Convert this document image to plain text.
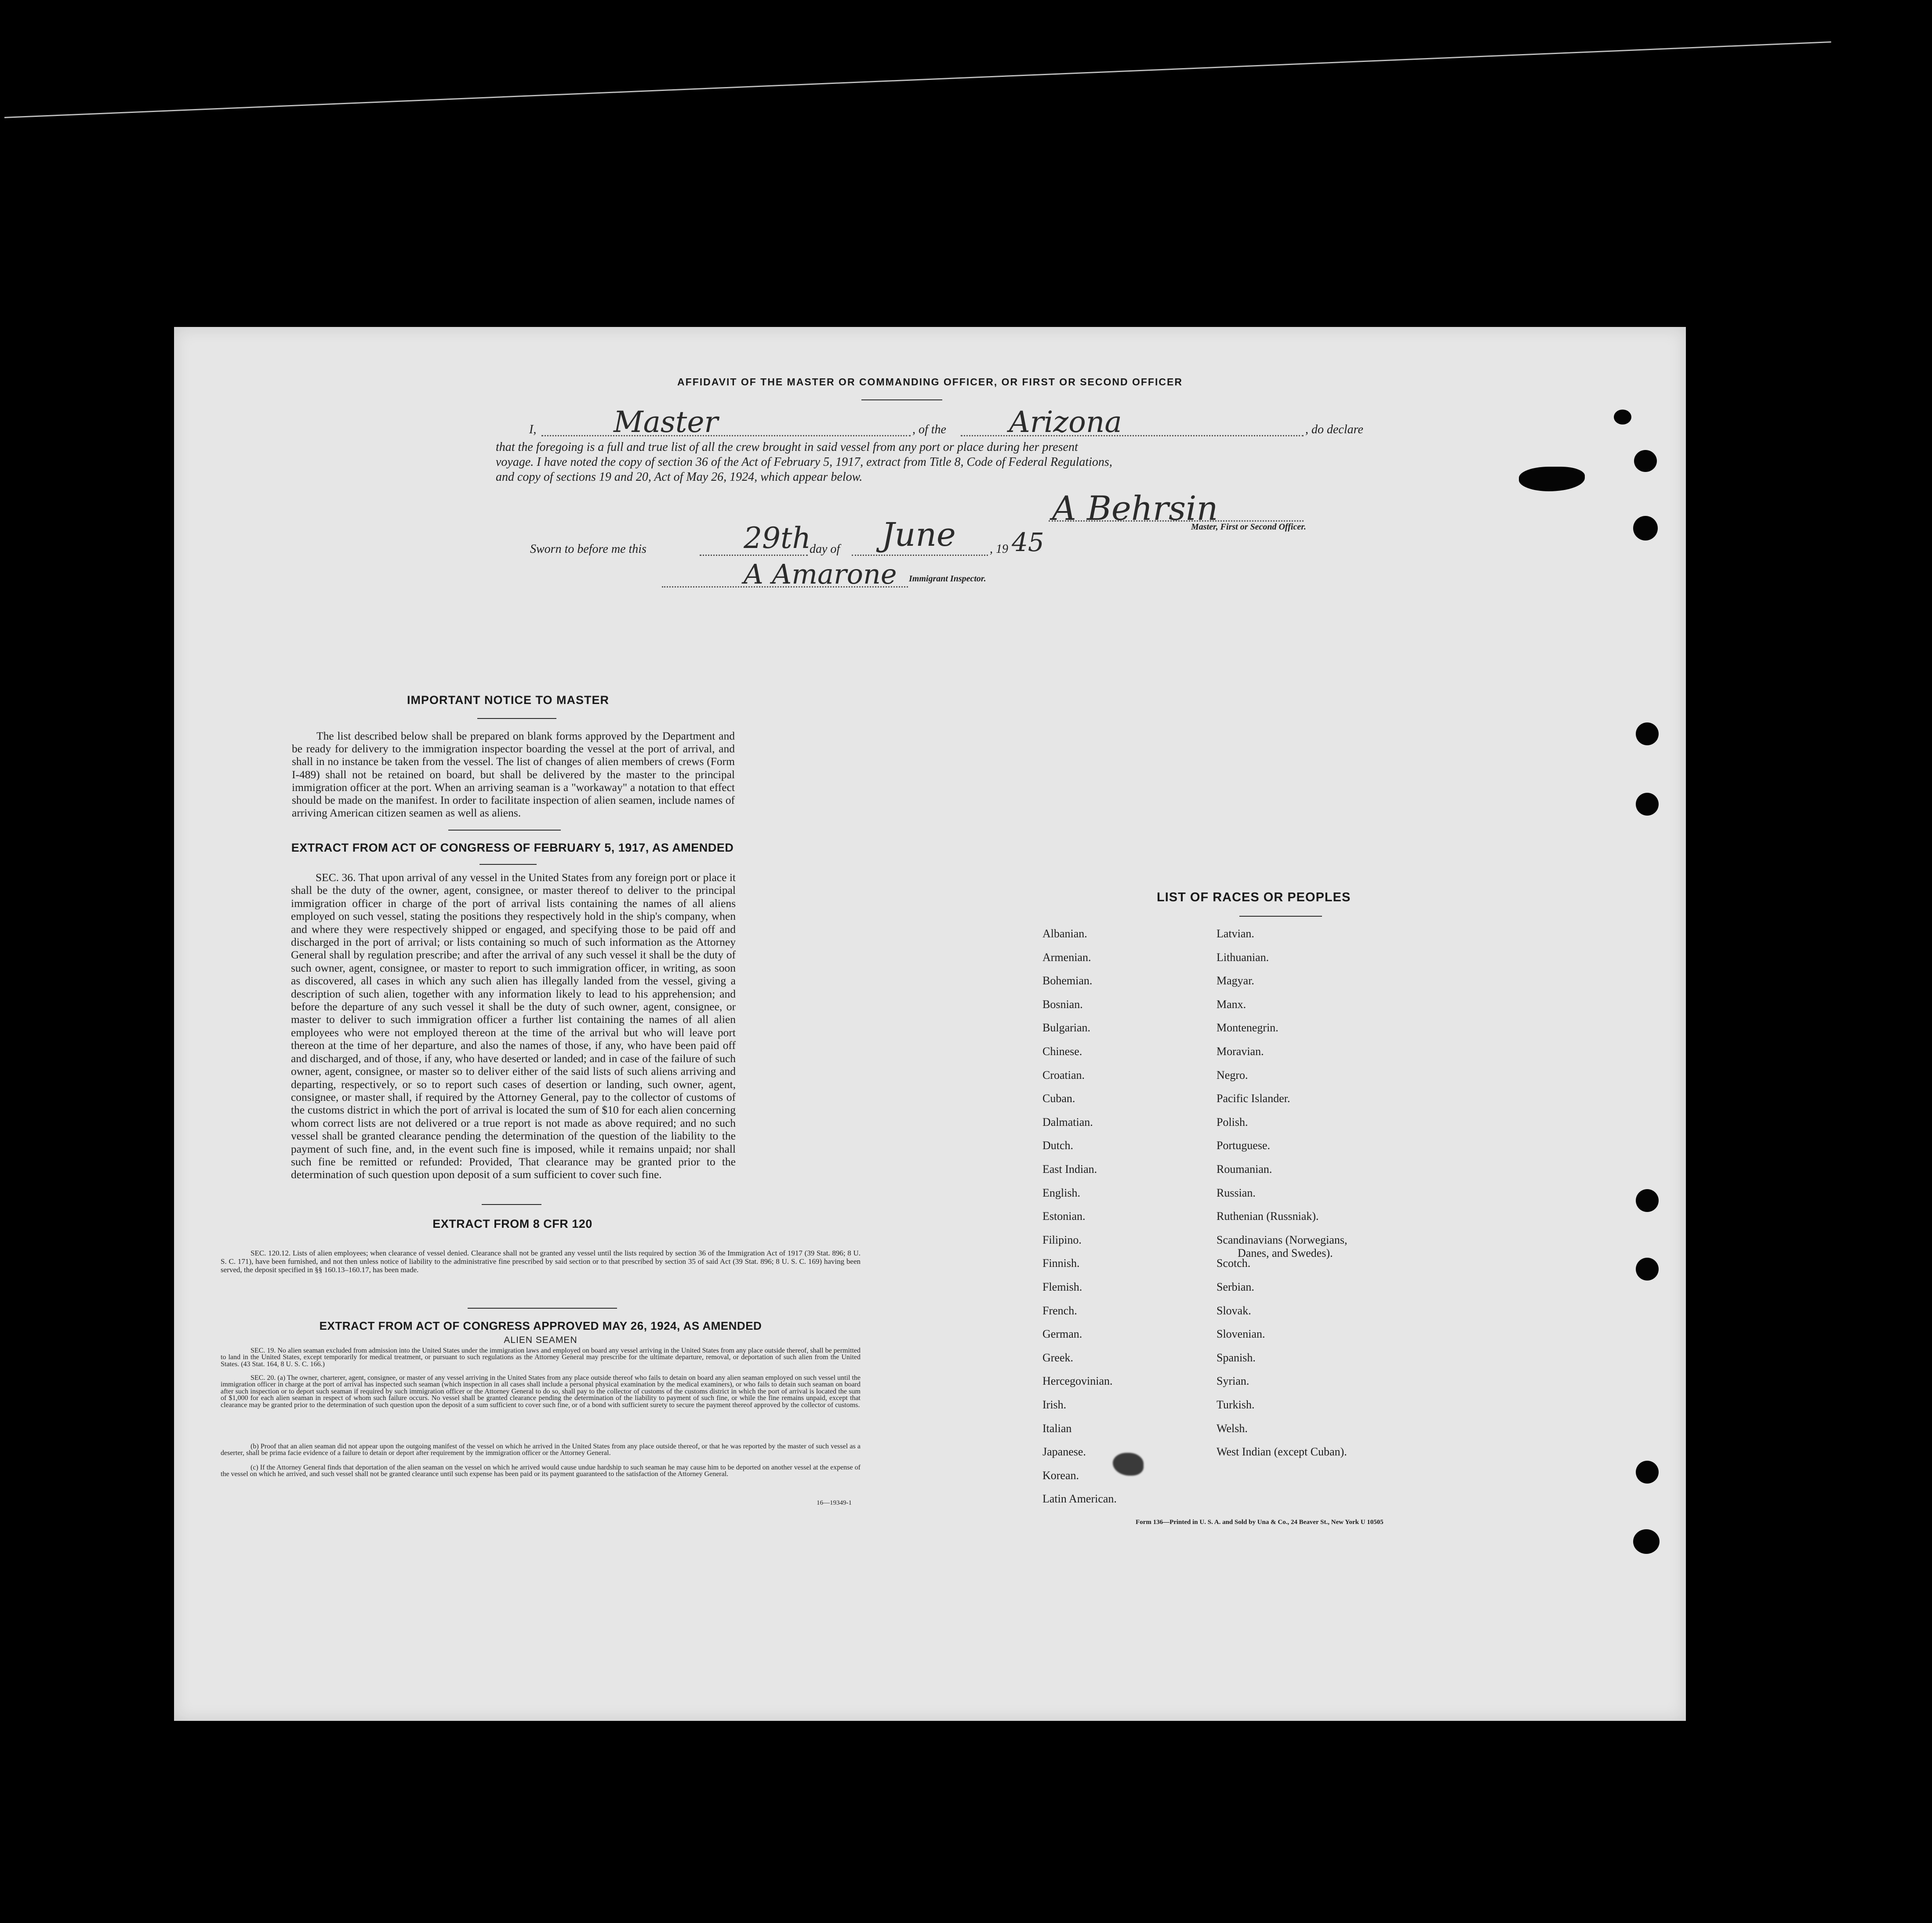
AFFIDAVIT OF THE MASTER OR COMMANDING OFFICER, OR FIRST OR SECOND OFFICER
I,	Master	, of the Arizona	, do declare
that the foregoing is a full and true list of all the crew brought in said vessel from any port or place during her present
voyage. I have noted the copy of section 36 of the Act of February 5, 1917, extract from Title 8, Code of Federal Regulations,
and copy of sections 19 and 20, Act of May 26, 1924, which appear below.
A Behrsin
Master, First or Second Officer.
Sworn to before me this	29th
day of June	, 19 45
A Amarone Immigrant Inspector.
IMPORTANT NOTICE TO MASTER
The list described below shall be prepared on blank forms approved by the Department and be ready for delivery to the immigration inspector boarding the vessel at the port of arrival, and shall in no instance be taken from the vessel. The list of changes of alien members of crews (Form I-489) shall not be retained on board, but shall be delivered by the master to the principal immigration officer at the port. When an arriving seaman is a "workaway" a notation to that effect should be made on the manifest. In order to facilitate inspection of alien seamen, include names of arriving American citizen seamen as well as aliens.
EXTRACT FROM ACT OF CONGRESS OF FEBRUARY 5, 1917, AS AMENDED
SEC. 36. That upon arrival of any vessel in the United States from any foreign port or place it shall be the duty of the owner, agent, consignee, or master thereof to deliver to the principal immigration officer in charge of the port of arrival lists containing the names of all aliens employed on such vessel, stating the positions they respectively hold in the ship's company, when and where they were respectively shipped or engaged, and specifying those to be paid off and discharged in the port of arrival; or lists containing so much of such information as the Attorney General shall by regulation prescribe; and after the arrival of any such vessel it shall be the duty of such owner, agent, consignee, or master to report to such immigration officer, in writing, as soon as discovered, all cases in which any such alien has illegally landed from the vessel, giving a description of such alien, together with any information likely to lead to his apprehension; and before the departure of any such vessel it shall be the duty of such owner, agent, consignee, or master to deliver to such immigration officer a further list containing the names of all alien employees who were not employed thereon at the time of the arrival but who will leave port thereon at the time of her departure, and also the names of those, if any, who have been paid off and discharged, and of those, if any, who have deserted or landed; and in case of the failure of such owner, agent, consignee, or master so to deliver either of the said lists of such aliens arriving and departing, respectively, or so to report such cases of desertion or landing, such owner, agent, consignee, or master shall, if required by the Attorney General, pay to the collector of customs of the customs district in which the port of arrival is located the sum of $10 for each alien concerning whom correct lists are not delivered or a true report is not made as above required; and no such vessel shall be granted clearance pending the determination of the question of the liability to the payment of such fine, and, in the event such fine is imposed, while it remains unpaid; nor shall such fine be remitted or refunded: Provided, That clearance may be granted prior to the determination of such question upon deposit of a sum sufficient to cover such fine.
EXTRACT FROM 8 CFR 120
SEC. 120.12. Lists of alien employees; when clearance of vessel denied. Clearance shall not be granted any vessel until the lists required by section 36 of the Immigration Act of 1917 (39 Stat. 896; 8 U. S. C. 171), have been furnished, and not then unless notice of liability to the administrative fine prescribed by said section or to that prescribed by section 35 of said Act (39 Stat. 896; 8 U. S. C. 169) having been served, the deposit specified in §§ 160.13–160.17, has been made.
EXTRACT FROM ACT OF CONGRESS APPROVED MAY 26, 1924, AS AMENDED
ALIEN SEAMEN
SEC. 19. No alien seaman excluded from admission into the United States under the immigration laws and employed on board any vessel arriving in the United States from any place outside thereof, shall be permitted to land in the United States, except temporarily for medical treatment, or pursuant to such regulations as the Attorney General may prescribe for the ultimate departure, removal, or deportation of such alien from the United States. (43 Stat. 164, 8 U. S. C. 166.)
SEC. 20. (a) The owner, charterer, agent, consignee, or master of any vessel arriving in the United States from any place outside thereof who fails to detain on board any alien seaman employed on such vessel until the immigration officer in charge at the port of arrival has inspected such seaman (which inspection in all cases shall include a personal physical examination by the medical examiners), or who fails to detain such seaman on board after such inspection or to deport such seaman if required by such immigration officer or the Attorney General to do so, shall pay to the collector of customs of the customs district in which the port of arrival is located the sum of $1,000 for each alien seaman in respect of whom such failure occurs. No vessel shall be granted clearance pending the determination of the liability to payment of such fine, or while the fine remains unpaid, except that clearance may be granted prior to the determination of such question upon the deposit of a sum sufficient to cover such fine, or of a bond with sufficient surety to secure the payment thereof approved by the collector of customs.
(b) Proof that an alien seaman did not appear upon the outgoing manifest of the vessel on which he arrived in the United States from any place outside thereof, or that he was reported by the master of such vessel as a deserter, shall be prima facie evidence of a failure to detain or deport after requirement by the immigration officer or the Attorney General.
(c) If the Attorney General finds that deportation of the alien seaman on the vessel on which he arrived would cause undue hardship to such seaman he may cause him to be deported on another vessel at the expense of the vessel on which he arrived, and such vessel shall not be granted clearance until such expense has been paid or its payment guaranteed to the satisfaction of the Attorney General.
16—19349-1
LIST OF RACES OR PEOPLES
Form 136—Printed in U. S. A. and Sold by Una & Co., 24 Beaver St., New York U 10505
Albanian.
Armenian.
Bohemian.
Bosnian.
Bulgarian.
Chinese.
Croatian.
Cuban.
Dalmatian.
Dutch.
East Indian.
English.
Estonian.
Filipino.
Finnish.
Flemish.
French.
German.
Greek.
Hercegovinian.
Irish.
Italian
Japanese.
Korean.
Latin American.
Latvian.
Lithuanian.
Magyar.
Manx.
Montenegrin.
Moravian.
Negro.
Pacific Islander.
Polish.
Portuguese.
Roumanian.
Russian.
Ruthenian (Russniak).
Scandinavians (Norwegians,
Danes, and Swedes).
Scotch.
Serbian.
Slovak.
Slovenian.
Spanish.
Syrian.
Turkish.
Welsh.
West Indian (except Cuban).
